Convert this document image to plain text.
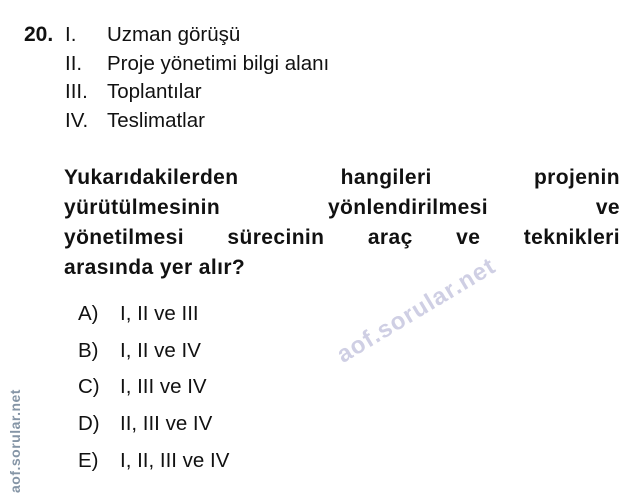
20. I.	Uzman görüşü
II.	Proje yönetimi bilgi alanı
III. Toplantılar
IV. Teslimatlar
Yukarıdakilerden hangileri projenin
yürütülmesinin yönlendirilmesi ve
yönetilmesi sürecinin araç ve teknikleri
arasında yer alır?
A)	I, II ve III
B)	I, II ve IV
C) I, III ve IV
D) II, III ve IV
E)	I, II, III ve IV
aof.sorular.net
aof.sorular.net
